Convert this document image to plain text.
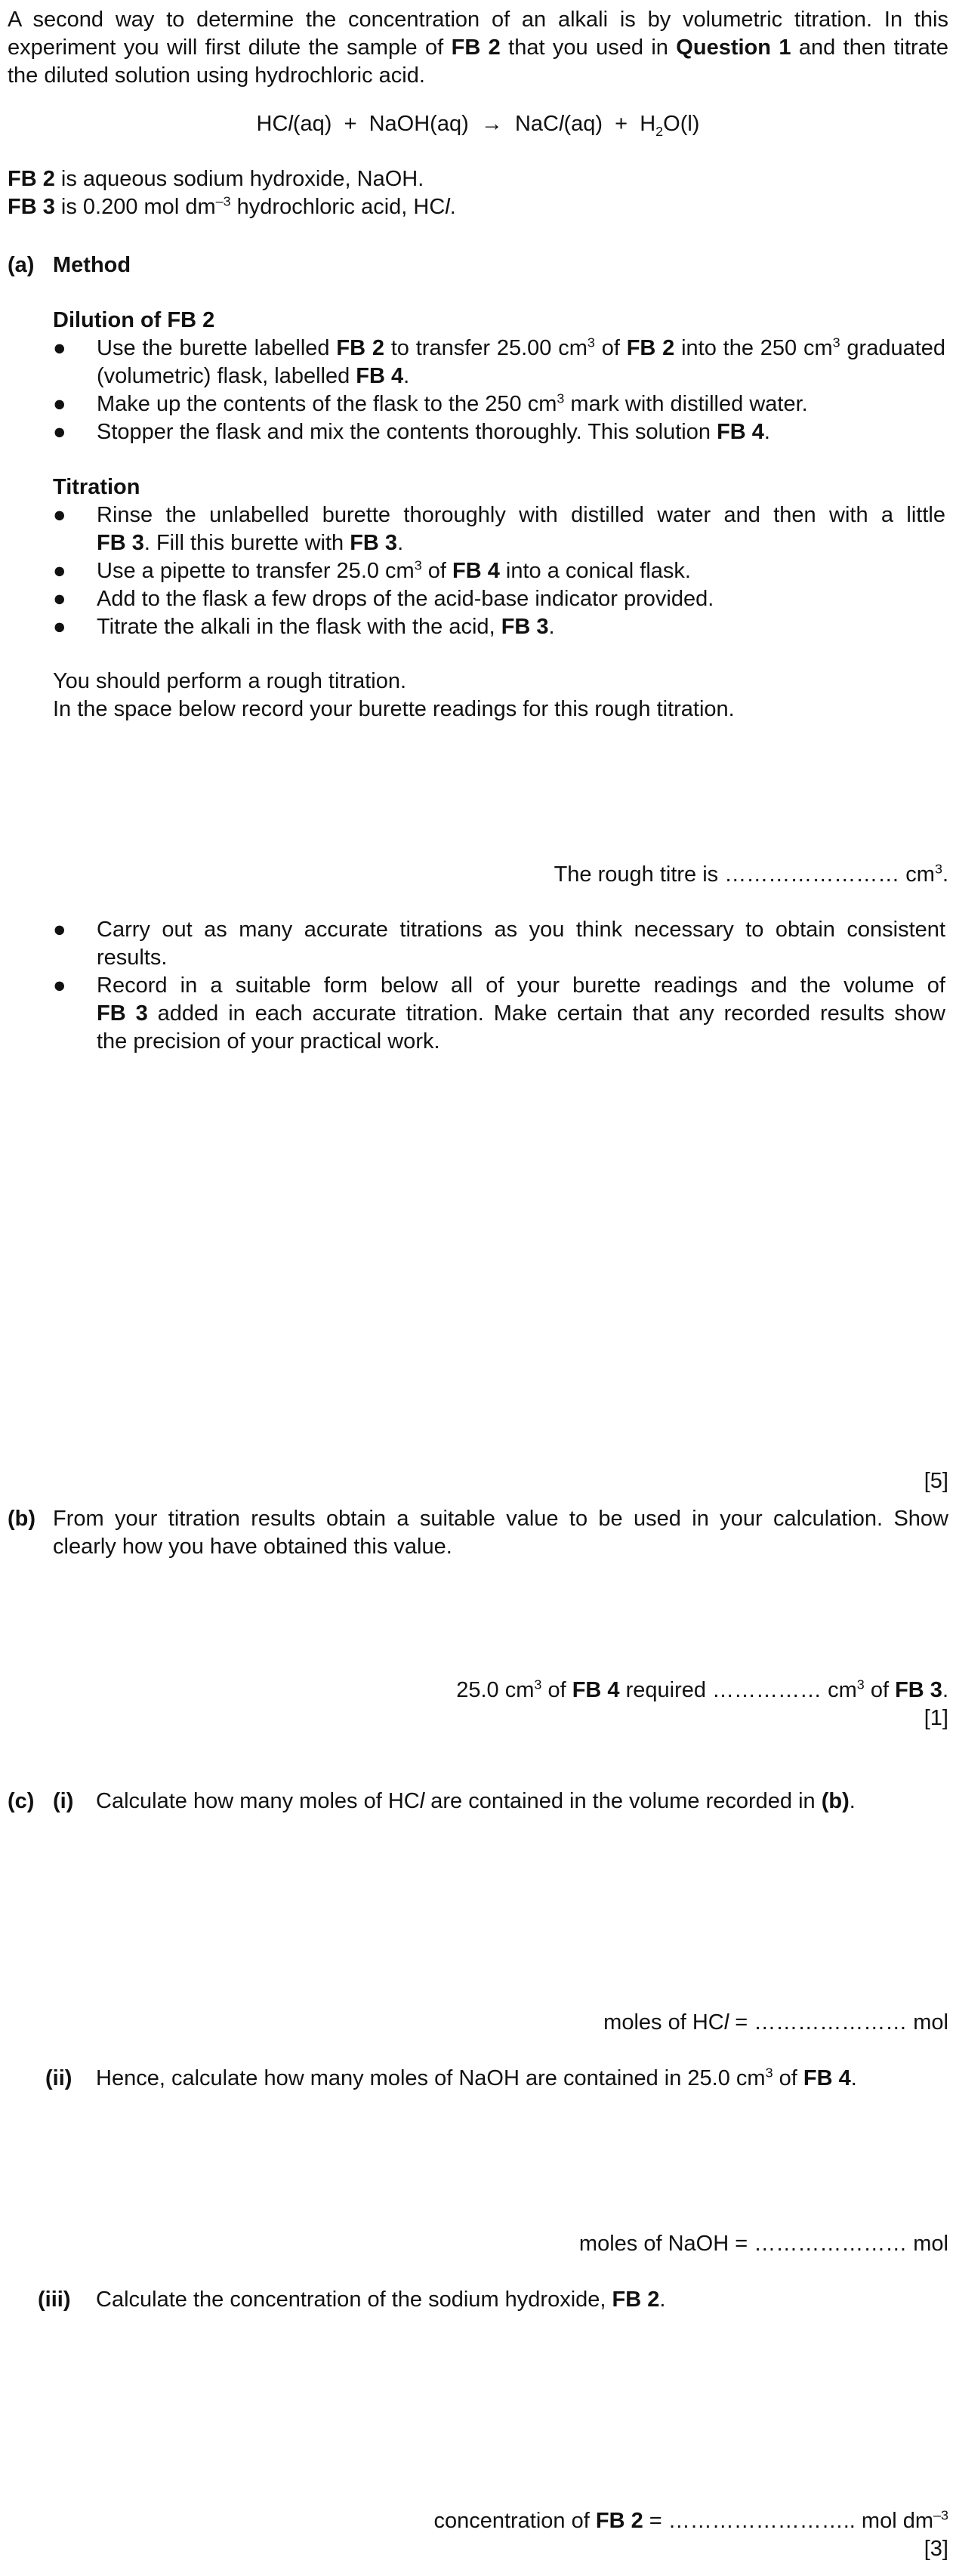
A second way to determine the concentration of an alkali is by volumetric titration. In this
experiment you will first dilute the sample of FB 2 that you used in Question 1 and then titrate
the diluted solution using hydrochloric acid.
HCl(aq)  +  NaOH(aq)  →  NaCl(aq)  +  $H_2O(l)$
FB 2 is aqueous sodium hydroxide, NaOH.
FB 3 is 0.200 mol $dm^{-3}$ hydrochloric acid, HCl.
(a) Method
Dilution of FB 2
● Use the burette labelled FB 2 to transfer 25.00 $cm^3$ of FB 2 into the 250 $cm^3$ graduated
(volumetric) flask, labelled FB 4.
● Make up the contents of the flask to the 250 $cm^3$ mark with distilled water.
● Stopper the flask and mix the contents thoroughly. This solution FB 4.
Titration
● Rinse the unlabelled burette thoroughly with distilled water and then with a little
FB 3. Fill this burette with FB 3.
● Use a pipette to transfer 25.0 $cm^3$ of FB 4 into a conical flask.
● Add to the flask a few drops of the acid-base indicator provided.
● Titrate the alkali in the flask with the acid, FB 3.
You should perform a rough titration.
In the space below record your burette readings for this rough titration.
The rough titre is …………………… $cm^3$.
● Carry out as many accurate titrations as you think necessary to obtain consistent
results.
● Record in a suitable form below all of your burette readings and the volume of
FB 3 added in each accurate titration. Make certain that any recorded results show
the precision of your practical work.
[5]
(b) From your titration results obtain a suitable value to be used in your calculation. Show
clearly how you have obtained this value.
25.0 $cm^3$ of FB 4 required …………… $cm^3$ of FB 3.
[1]
(c) (i) Calculate how many moles of HCl are contained in the volume recorded in (b).
moles of HCl = ………………… mol
(ii) Hence, calculate how many moles of NaOH are contained in 25.0 $cm^3$ of FB 4.
moles of NaOH = ………………… mol
(iii) Calculate the concentration of the sodium hydroxide, FB 2.
concentration of FB 2 = …………………….. mol $dm^{-3}$
[3]
